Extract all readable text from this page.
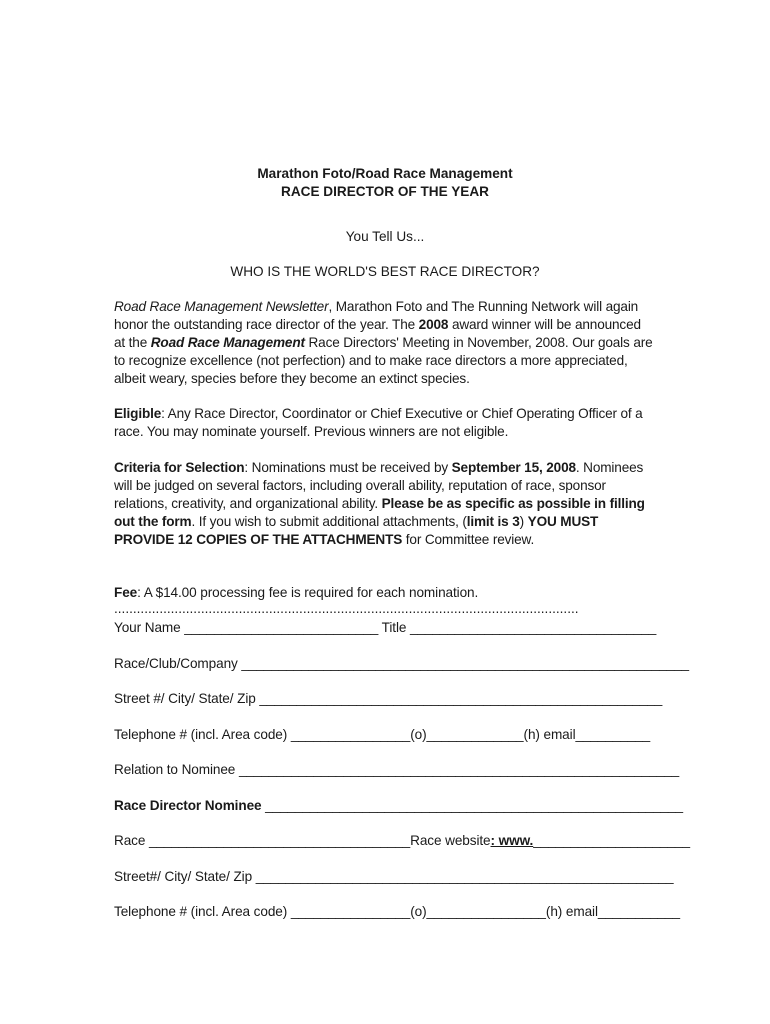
Marathon Foto/Road Race Management
RACE DIRECTOR OF THE YEAR
You Tell Us...
WHO IS THE WORLD'S BEST RACE DIRECTOR?
Road Race Management Newsletter, Marathon Foto and The Running Network will again honor the outstanding race director of the year. The 2008 award winner will be announced at the Road Race Management Race Directors' Meeting in November, 2008. Our goals are to recognize excellence (not perfection) and to make race directors a more appreciated, albeit weary, species before they become an extinct species.
Eligible: Any Race Director, Coordinator or Chief Executive or Chief Operating Officer of a race. You may nominate yourself. Previous winners are not eligible.
Criteria for Selection: Nominations must be received by September 15, 2008. Nominees will be judged on several factors, including overall ability, reputation of race, sponsor relations, creativity, and organizational ability. Please be as specific as possible in filling out the form. If you wish to submit additional attachments, (limit is 3) YOU MUST PROVIDE 12 COPIES OF THE ATTACHMENTS for Committee review.
Fee: A $14.00 processing fee is required for each nomination.
...........................................................................................................................
Your Name __________________________ Title _________________________________
Race/Club/Company ____________________________________________________________
Street #/ City/ State/ Zip ______________________________________________________
Telephone # (incl. Area code) ________________(o)_____________(h) email__________
Relation to Nominee ___________________________________________________________
Race Director Nominee ________________________________________________________
Race ___________________________________Race website: www._____________________
Street#/ City/ State/ Zip ________________________________________________________
Telephone # (incl. Area code) ________________(o)________________(h) email___________
